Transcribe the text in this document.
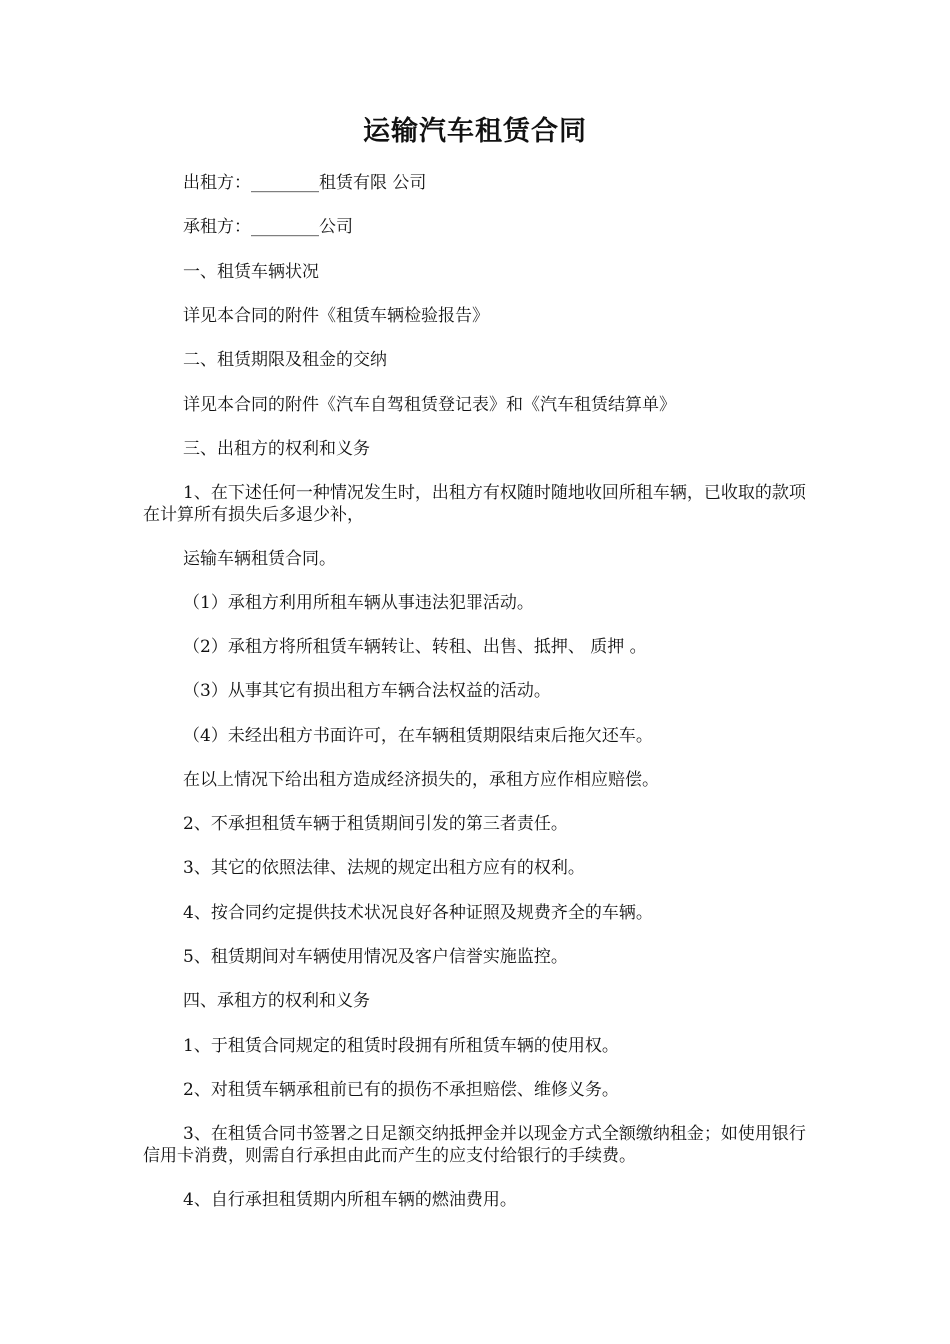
运输汽车租赁合同

出租方：________租赁有限 公司

承租方：________公司

一、租赁车辆状况

详见本合同的附件《租赁车辆检验报告》

二、租赁期限及租金的交纳

详见本合同的附件《汽车自驾租赁登记表》和《汽车租赁结算单》

三、出租方的权利和义务

1、在下述任何一种情况发生时，出租方有权随时随地收回所租车辆，已收取的款项在计算所有损失后多退少补，

运输车辆租赁合同。

（1）承租方利用所租车辆从事违法犯罪活动。

（2）承租方将所租赁车辆转让、转租、出售、抵押、 质押 。

（3）从事其它有损出租方车辆合法权益的活动。

（4）未经出租方书面许可，在车辆租赁期限结束后拖欠还车。

在以上情况下给出租方造成经济损失的，承租方应作相应赔偿。

2、不承担租赁车辆于租赁期间引发的第三者责任。

3、其它的依照法律、法规的规定出租方应有的权利。

4、按合同约定提供技术状况良好各种证照及规费齐全的车辆。

5、租赁期间对车辆使用情况及客户信誉实施监控。

四、承租方的权利和义务

1、于租赁合同规定的租赁时段拥有所租赁车辆的使用权。

2、对租赁车辆承租前已有的损伤不承担赔偿、维修义务。

3、在租赁合同书签署之日足额交纳抵押金并以现金方式全额缴纳租金；如使用银行信用卡消费，则需自行承担由此而产生的应支付给银行的手续费。

4、自行承担租赁期内所租车辆的燃油费用。
